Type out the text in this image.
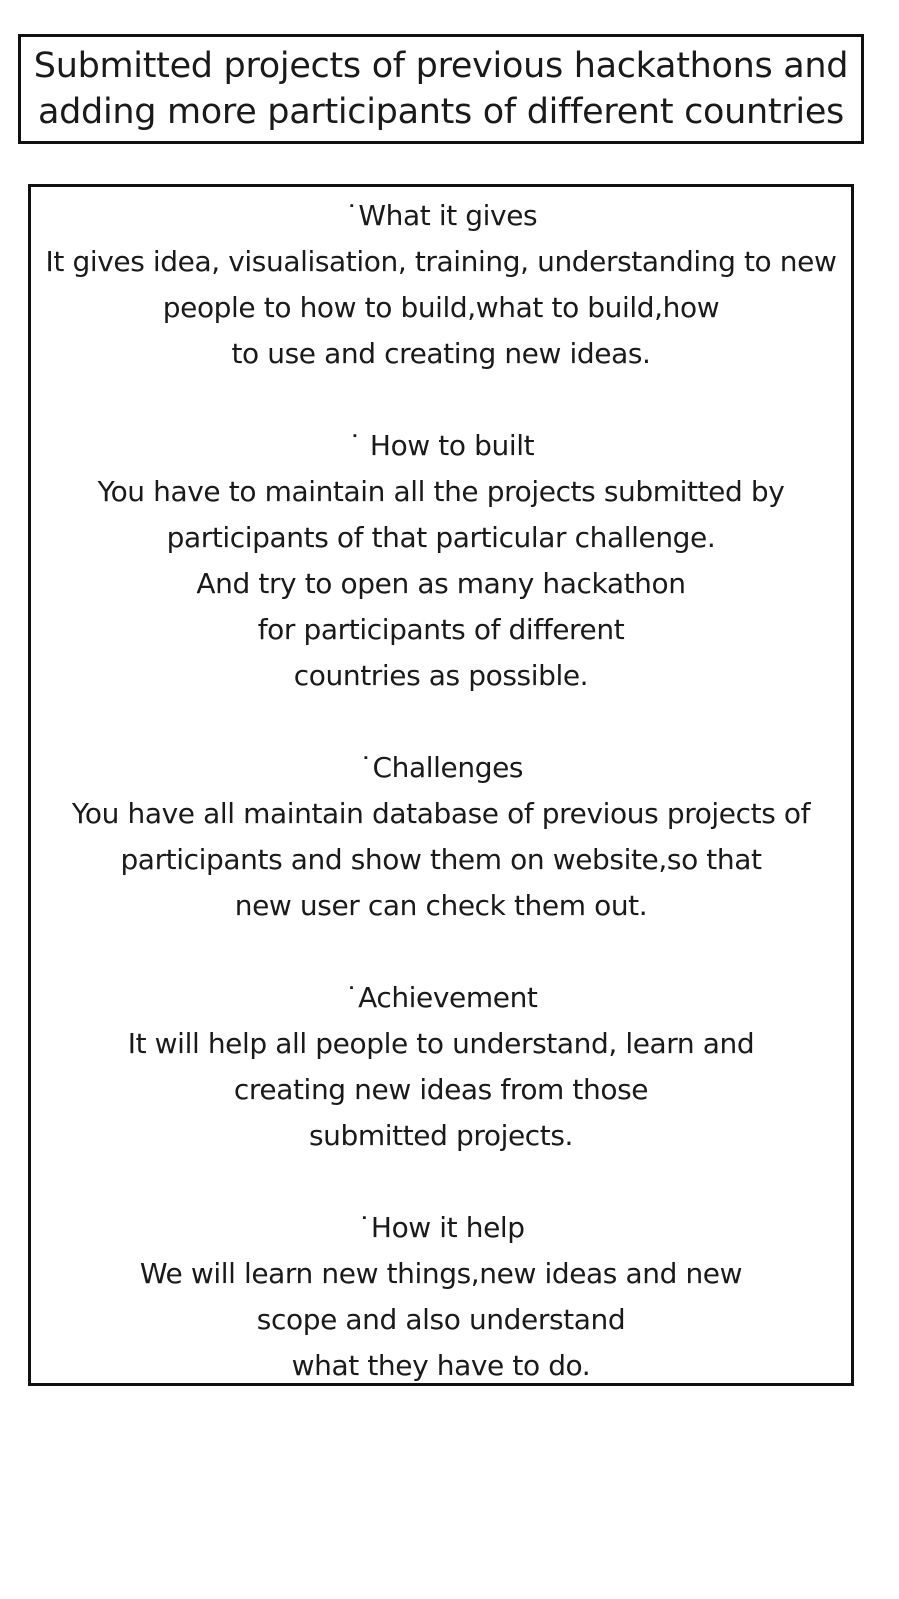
Submitted projects of previous hackathons and
adding more participants of different countries
˙What it gives
It gives idea, visualisation, training, understanding to new
people to how to build,what to build,how
to use and creating new ideas.
˙ How to built
You have to maintain all the projects submitted by
participants of that particular challenge.
And try to open as many hackathon
for participants of different
countries as possible.
˙Challenges
You have all maintain database of previous projects of
participants and show them on website,so that
new user can check them out.
˙Achievement
It will help all people to understand, learn and
creating new ideas from those
submitted projects.
˙How it help
We will learn new things,new ideas and new
scope and also understand
what they have to do.
